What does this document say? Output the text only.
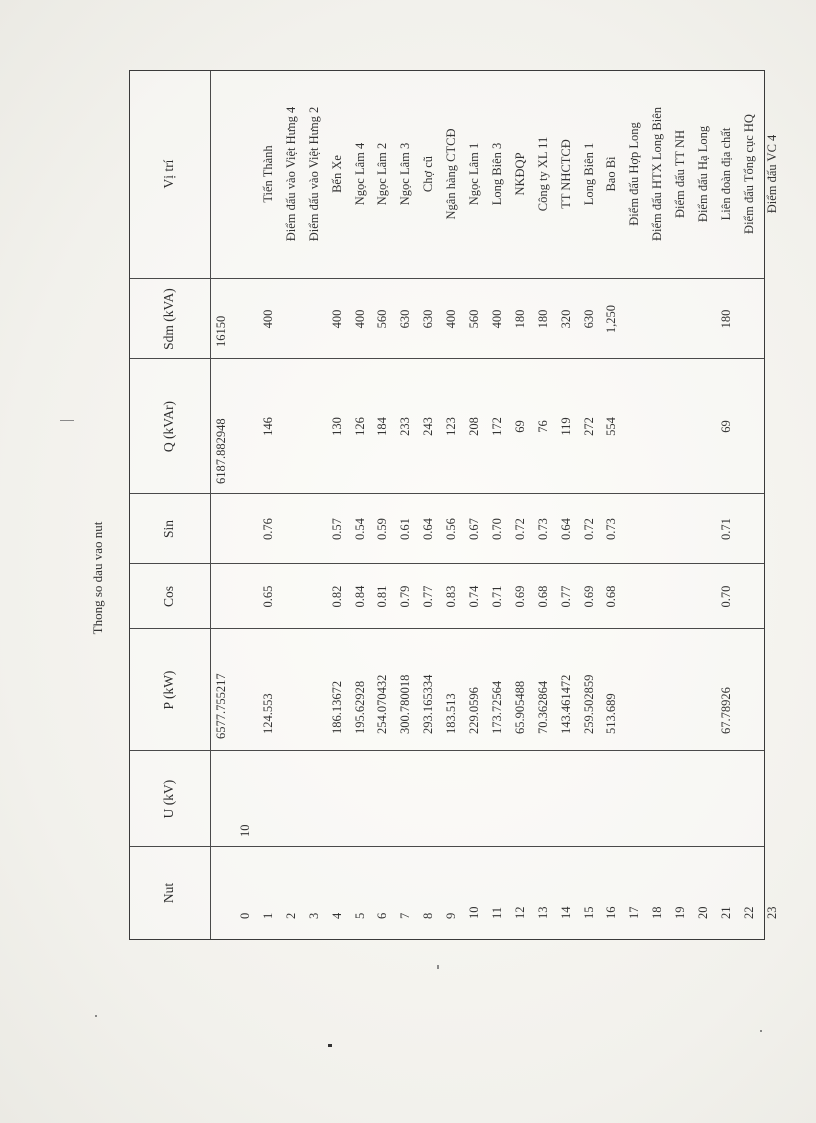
Thong so dau vao nut
Nut
U (kV)
P (kW)
Cos
Sin
Q (kVAr)
Sdm (kVA)
Vị trí
6577.755217
6187.882948
16150
0
10
1
124.553
0.65
0.76
146
400
Tiến Thành
2
Điểm đấu vào Việt Hưng 4
3
Điểm đấu vào Việt Hưng 2
4
186.13672
0.82
0.57
130
400
Bến Xe
5
195.62928
0.84
0.54
126
400
Ngọc Lâm 4
6
254.070432
0.81
0.59
184
560
Ngọc Lâm 2
7
300.780018
0.79
0.61
233
630
Ngọc Lâm 3
8
293.165334
0.77
0.64
243
630
Chợ cũ
9
183.513
0.83
0.56
123
400
Ngân hàng CTCĐ
10
229.0596
0.74
0.67
208
560
Ngọc Lâm 1
11
173.72564
0.71
0.70
172
400
Long Biên 3
12
65.905488
0.69
0.72
69
180
NKĐQP
13
70.362864
0.68
0.73
76
180
Công ty XL 11
14
143.461472
0.77
0.64
119
320
TT NHCTCĐ
15
259.502859
0.69
0.72
272
630
Long Biên 1
16
513.689
0.68
0.73
554
1,250
Bao Bì
17
Điểm đấu Hợp Long
18
Điểm đấu HTX Long Biên
19
Điểm đấu TT NH
20
Điểm đấu Hạ Long
21
67.78926
0.70
0.71
69
180
Liên đoàn địa chất
22
Điểm đấu Tổng cục HQ
23
Điểm đấu VC 4
